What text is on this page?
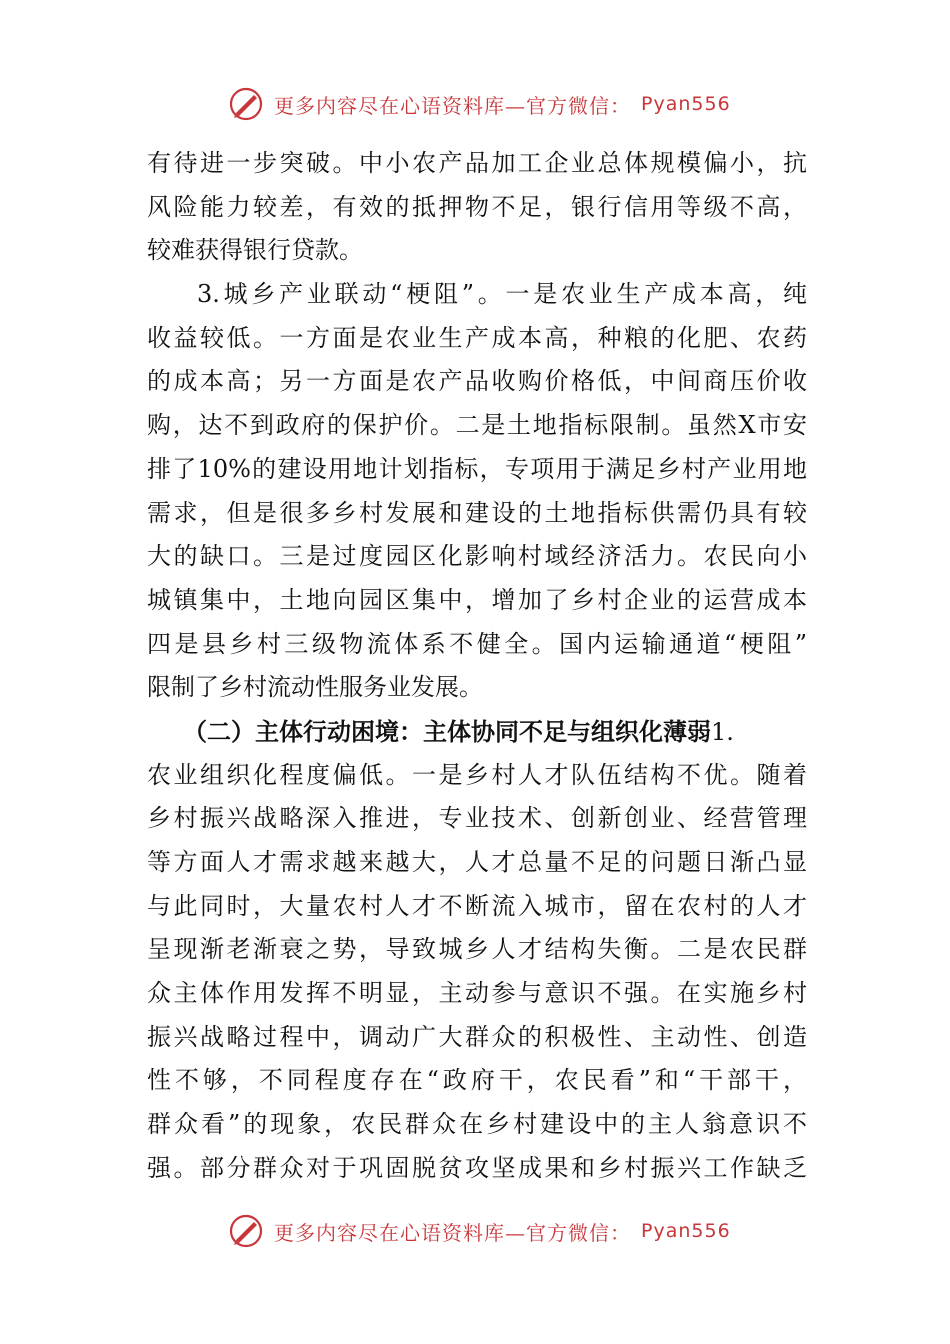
更多内容尽在心语资料库—官方微信： Pyan556
有待进一步突破。中小农产品加工企业总体规模偏小，抗
风险能力较差，有效的抵押物不足，银行信用等级不高，
较难获得银行贷款。
3.城乡产业联动“梗阻”。一是农业生产成本高，纯
收益较低。一方面是农业生产成本高，种粮的化肥、农药
的成本高；另一方面是农产品收购价格低，中间商压价收
购，达不到政府的保护价。二是土地指标限制。虽然X市安
排了10%的建设用地计划指标，专项用于满足乡村产业用地
需求，但是很多乡村发展和建设的土地指标供需仍具有较
大的缺口。三是过度园区化影响村域经济活力。农民向小
城镇集中，土地向园区集中，增加了乡村企业的运营成本
四是县乡村三级物流体系不健全。国内运输通道“梗阻”
限制了乡村流动性服务业发展。
（二）主体行动困境：主体协同不足与组织化薄弱1.
农业组织化程度偏低。一是乡村人才队伍结构不优。随着
乡村振兴战略深入推进，专业技术、创新创业、经营管理
等方面人才需求越来越大，人才总量不足的问题日渐凸显
与此同时，大量农村人才不断流入城市，留在农村的人才
呈现渐老渐衰之势，导致城乡人才结构失衡。二是农民群
众主体作用发挥不明显，主动参与意识不强。在实施乡村
振兴战略过程中，调动广大群众的积极性、主动性、创造
性不够，不同程度存在“政府干，农民看”和“干部干，
群众看”的现象，农民群众在乡村建设中的主人翁意识不
强。部分群众对于巩固脱贫攻坚成果和乡村振兴工作缺乏
更多内容尽在心语资料库—官方微信： Pyan556
